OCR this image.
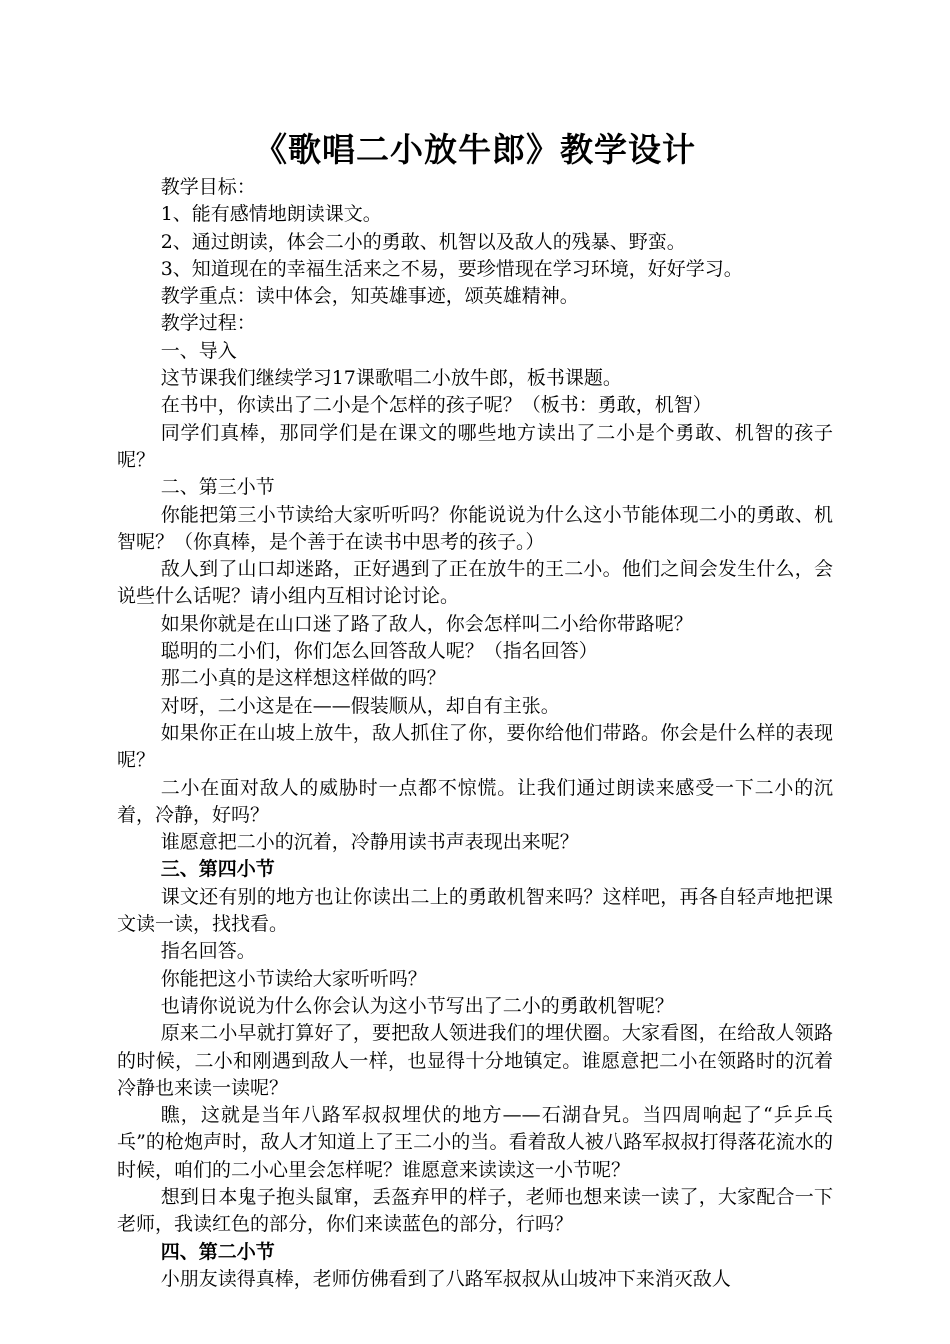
《歌唱二小放牛郎》教学设计

教学目标：

1、能有感情地朗读课文。

2、通过朗读，体会二小的勇敢、机智以及敌人的残暴、野蛮。

3、知道现在的幸福生活来之不易，要珍惜现在学习环境，好好学习。

教学重点：读中体会，知英雄事迹，颂英雄精神。

教学过程：

一、导入

这节课我们继续学习17课歌唱二小放牛郎，板书课题。

在书中，你读出了二小是个怎样的孩子呢？（板书：勇敢，机智）

同学们真棒，那同学们是在课文的哪些地方读出了二小是个勇敢、机智的孩子呢？

二、第三小节

你能把第三小节读给大家听听吗？你能说说为什么这小节能体现二小的勇敢、机智呢？（你真棒，是个善于在读书中思考的孩子。）

敌人到了山口却迷路，正好遇到了正在放牛的王二小。他们之间会发生什么，会说些什么话呢？请小组内互相讨论讨论。

如果你就是在山口迷了路了敌人，你会怎样叫二小给你带路呢？

聪明的二小们，你们怎么回答敌人呢？（指名回答）

那二小真的是这样想这样做的吗？

对呀，二小这是在——假装顺从，却自有主张。

如果你正在山坡上放牛，敌人抓住了你，要你给他们带路。你会是什么样的表现呢？

二小在面对敌人的威胁时一点都不惊慌。让我们通过朗读来感受一下二小的沉着，冷静，好吗？

谁愿意把二小的沉着，冷静用读书声表现出来呢？

三、第四小节

课文还有别的地方也让你读出二上的勇敢机智来吗？这样吧，再各自轻声地把课文读一读，找找看。

指名回答。

你能把这小节读给大家听听吗？

也请你说说为什么你会认为这小节写出了二小的勇敢机智呢？

原来二小早就打算好了，要把敌人领进我们的埋伏圈。大家看图，在给敌人领路的时候，二小和刚遇到敌人一样，也显得十分地镇定。谁愿意把二小在领路时的沉着冷静也来读一读呢？

瞧，这就是当年八路军叔叔埋伏的地方——石湖旮旯。当四周响起了“乒乒乓乓”的枪炮声时，敌人才知道上了王二小的当。看着敌人被八路军叔叔打得落花流水的时候，咱们的二小心里会怎样呢？谁愿意来读读这一小节呢？

想到日本鬼子抱头鼠窜，丢盔弃甲的样子，老师也想来读一读了，大家配合一下老师，我读红色的部分，你们来读蓝色的部分，行吗？

四、第二小节

小朋友读得真棒，老师仿佛看到了八路军叔叔从山坡冲下来消灭敌人
